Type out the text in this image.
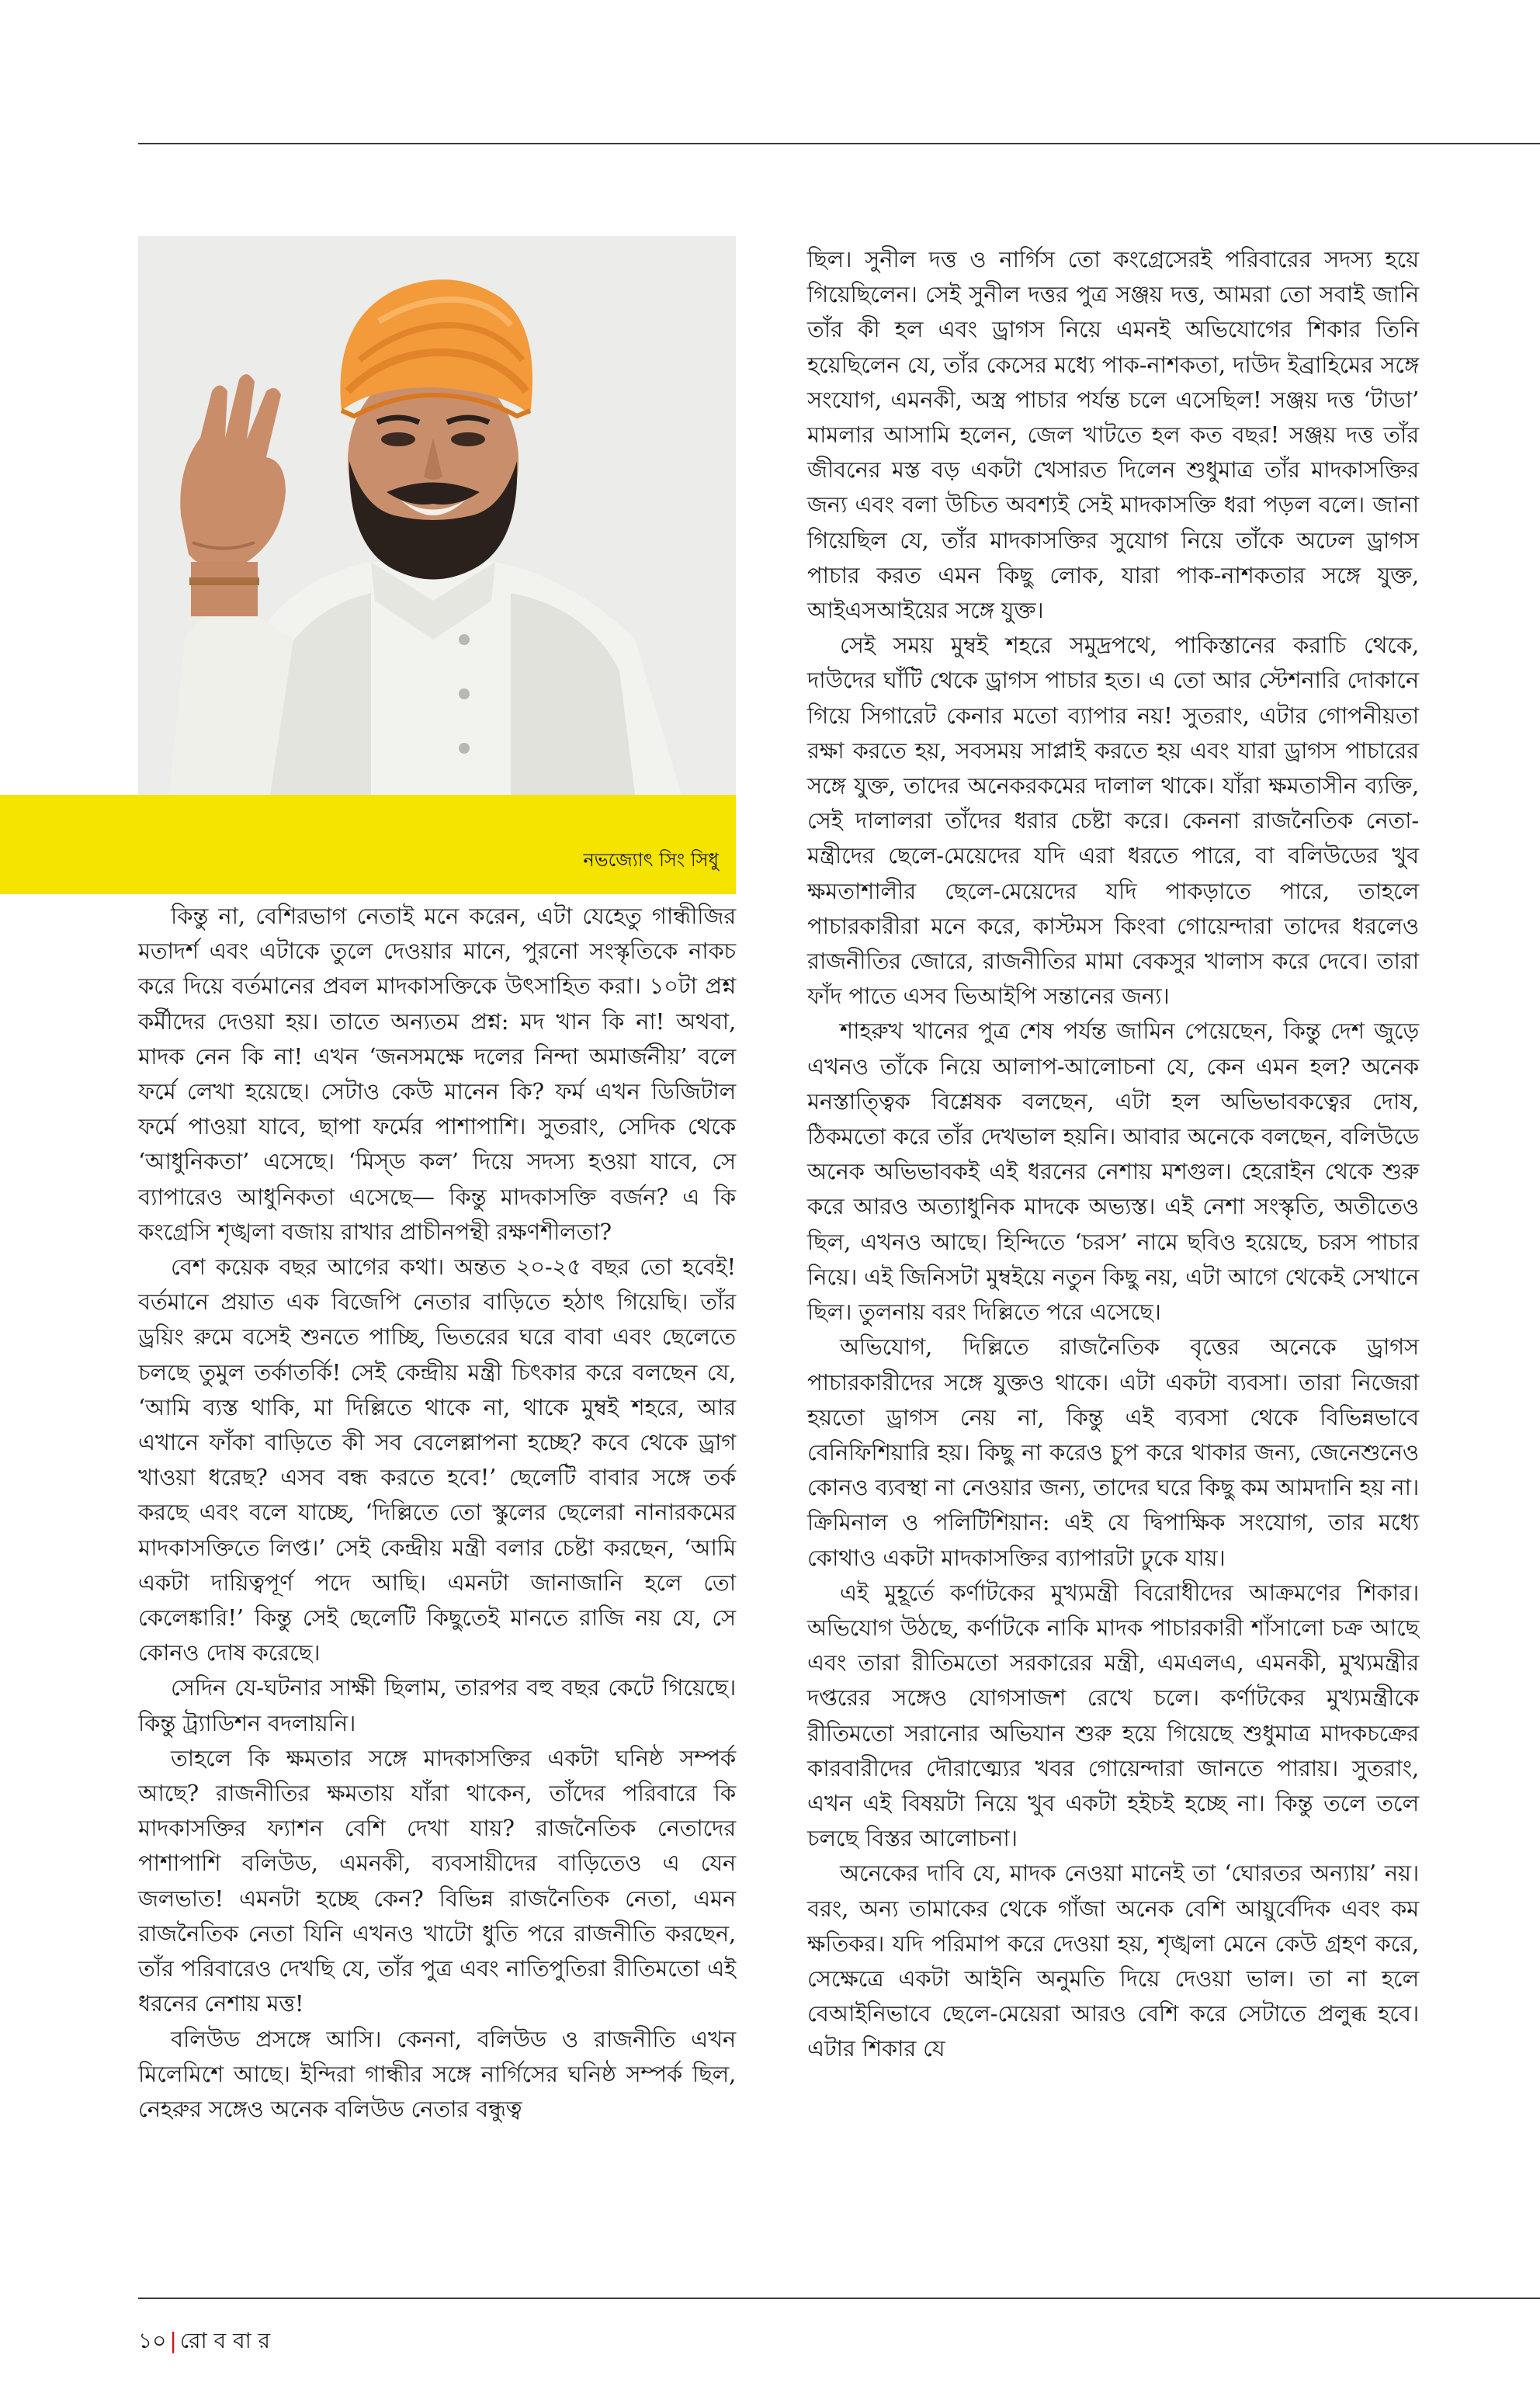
নভজ্যোৎ সিং সিধু

কিন্তু না, বেশিরভাগ নেতাই মনে করেন, এটা যেহেতু গান্ধীজির মতাদর্শ এবং এটাকে তুলে দেওয়ার মানে, পুরনো সংস্কৃতিকে নাকচ করে দিয়ে বর্তমানের প্রবল মাদকাসক্তিকে উৎসাহিত করা। ১০টা প্রশ্ন কর্মীদের দেওয়া হয়। তাতে অন্যতম প্রশ্ন: মদ খান কি না! অথবা, মাদক নেন কি না! এখন ‘জনসমক্ষে দলের নিন্দা অমার্জনীয়’ বলে ফর্মে লেখা হয়েছে। সেটাও কেউ মানেন কি? ফর্ম এখন ডিজিটাল ফর্মে পাওয়া যাবে, ছাপা ফর্মের পাশাপাশি। সুতরাং, সেদিক থেকে ‘আধুনিকতা’ এসেছে। ‘মিস্ড কল’ দিয়ে সদস্য হওয়া যাবে, সে ব্যাপারেও আধুনিকতা এসেছে— কিন্তু মাদকাসক্তি বর্জন? এ কি কংগ্রেসি শৃঙ্খলা বজায় রাখার প্রাচীনপন্থী রক্ষণশীলতা?

বেশ কয়েক বছর আগের কথা। অন্তত ২০-২৫ বছর তো হবেই! বর্তমানে প্রয়াত এক বিজেপি নেতার বাড়িতে হঠাৎ গিয়েছি। তাঁর ড্রয়িং রুমে বসেই শুনতে পাচ্ছি, ভিতরের ঘরে বাবা এবং ছেলেতে চলছে তুমুল তর্কাতর্কি! সেই কেন্দ্রীয় মন্ত্রী চিৎকার করে বলছেন যে, ‘আমি ব্যস্ত থাকি, মা দিল্লিতে থাকে না, থাকে মুম্বই শহরে, আর এখানে ফাঁকা বাড়িতে কী সব বেলেল্লাপনা হচ্ছে? কবে থেকে ড্রাগ খাওয়া ধরেছ? এসব বন্ধ করতে হবে!’ ছেলেটি বাবার সঙ্গে তর্ক করছে এবং বলে যাচ্ছে, ‘দিল্লিতে তো স্কুলের ছেলেরা নানারকমের মাদকাসক্তিতে লিপ্ত।’ সেই কেন্দ্রীয় মন্ত্রী বলার চেষ্টা করছেন, ‘আমি একটা দায়িত্বপূর্ণ পদে আছি। এমনটা জানাজানি হলে তো কেলেঙ্কারি!’ কিন্তু সেই ছেলেটি কিছুতেই মানতে রাজি নয় যে, সে কোনও দোষ করেছে।

সেদিন যে-ঘটনার সাক্ষী ছিলাম, তারপর বহু বছর কেটে গিয়েছে। কিন্তু ট্র্যাডিশন বদলায়নি।

তাহলে কি ক্ষমতার সঙ্গে মাদকাসক্তির একটা ঘনিষ্ঠ সম্পর্ক আছে? রাজনীতির ক্ষমতায় যাঁরা থাকেন, তাঁদের পরিবারে কি মাদকাসক্তির ফ্যাশন বেশি দেখা যায়? রাজনৈতিক নেতাদের পাশাপাশি বলিউড, এমনকী, ব্যবসায়ীদের বাড়িতেও এ যেন জলভাত! এমনটা হচ্ছে কেন? বিভিন্ন রাজনৈতিক নেতা, এমন রাজনৈতিক নেতা যিনি এখনও খাটো ধুতি পরে রাজনীতি করছেন, তাঁর পরিবারেও দেখছি যে, তাঁর পুত্র এবং নাতিপুতিরা রীতিমতো এই ধরনের নেশায় মত্ত!

বলিউড প্রসঙ্গে আসি। কেননা, বলিউড ও রাজনীতি এখন মিলেমিশে আছে। ইন্দিরা গান্ধীর সঙ্গে নার্গিসের ঘনিষ্ঠ সম্পর্ক ছিল, নেহরুর সঙ্গেও অনেক বলিউড নেতার বন্ধুত্ব

ছিল। সুনীল দত্ত ও নার্গিস তো কংগ্রেসেরই পরিবারের সদস্য হয়ে গিয়েছিলেন। সেই সুনীল দত্তর পুত্র সঞ্জয় দত্ত, আমরা তো সবাই জানি তাঁর কী হল এবং ড্রাগস নিয়ে এমনই অভিযোগের শিকার তিনি হয়েছিলেন যে, তাঁর কেসের মধ্যে পাক-নাশকতা, দাউদ ইব্রাহিমের সঙ্গে সংযোগ, এমনকী, অস্ত্র পাচার পর্যন্ত চলে এসেছিল! সঞ্জয় দত্ত ‘টাডা’ মামলার আসামি হলেন, জেল খাটতে হল কত বছর! সঞ্জয় দত্ত তাঁর জীবনের মস্ত বড় একটা খেসারত দিলেন শুধুমাত্র তাঁর মাদকাসক্তির জন্য এবং বলা উচিত অবশ্যই সেই মাদকাসক্তি ধরা পড়ল বলে। জানা গিয়েছিল যে, তাঁর মাদকাসক্তির সুযোগ নিয়ে তাঁকে অঢেল ড্রাগস পাচার করত এমন কিছু লোক, যারা পাক-নাশকতার সঙ্গে যুক্ত, আইএসআইয়ের সঙ্গে যুক্ত।

সেই সময় মুম্বই শহরে সমুদ্রপথে, পাকিস্তানের করাচি থেকে, দাউদের ঘাঁটি থেকে ড্রাগস পাচার হত। এ তো আর স্টেশনারি দোকানে গিয়ে সিগারেট কেনার মতো ব্যাপার নয়! সুতরাং, এটার গোপনীয়তা রক্ষা করতে হয়, সবসময় সাপ্লাই করতে হয় এবং যারা ড্রাগস পাচারের সঙ্গে যুক্ত, তাদের অনেকরকমের দালাল থাকে। যাঁরা ক্ষমতাসীন ব্যক্তি, সেই দালালরা তাঁদের ধরার চেষ্টা করে। কেননা রাজনৈতিক নেতা-মন্ত্রীদের ছেলে-মেয়েদের যদি এরা ধরতে পারে, বা বলিউডের খুব ক্ষমতাশালীর ছেলে-মেয়েদের যদি পাকড়াতে পারে, তাহলে পাচারকারীরা মনে করে, কাস্টমস কিংবা গোয়েন্দারা তাদের ধরলেও রাজনীতির জোরে, রাজনীতির মামা বেকসুর খালাস করে দেবে। তারা ফাঁদ পাতে এসব ভিআইপি সন্তানের জন্য।

শাহরুখ খানের পুত্র শেষ পর্যন্ত জামিন পেয়েছেন, কিন্তু দেশ জুড়ে এখনও তাঁকে নিয়ে আলাপ-আলোচনা যে, কেন এমন হল? অনেক মনস্তাত্ত্বিক বিশ্লেষক বলছেন, এটা হল অভিভাবকত্বের দোষ, ঠিকমতো করে তাঁর দেখভাল হয়নি। আবার অনেকে বলছেন, বলিউডে অনেক অভিভাবকই এই ধরনের নেশায় মশগুল। হেরোইন থেকে শুরু করে আরও অত্যাধুনিক মাদকে অভ্যস্ত। এই নেশা সংস্কৃতি, অতীতেও ছিল, এখনও আছে। হিন্দিতে ‘চরস’ নামে ছবিও হয়েছে, চরস পাচার নিয়ে। এই জিনিসটা মুম্বইয়ে নতুন কিছু নয়, এটা আগে থেকেই সেখানে ছিল। তুলনায় বরং দিল্লিতে পরে এসেছে।

অভিযোগ, দিল্লিতে রাজনৈতিক বৃত্তের অনেকে ড্রাগস পাচারকারীদের সঙ্গে যুক্তও থাকে। এটা একটা ব্যবসা। তারা নিজেরা হয়তো ড্রাগস নেয় না, কিন্তু এই ব্যবসা থেকে বিভিন্নভাবে বেনিফিশিয়ারি হয়। কিছু না করেও চুপ করে থাকার জন্য, জেনেশুনেও কোনও ব্যবস্থা না নেওয়ার জন্য, তাদের ঘরে কিছু কম আমদানি হয় না। ক্রিমিনাল ও পলিটিশিয়ান: এই যে দ্বিপাক্ষিক সংযোগ, তার মধ্যে কোথাও একটা মাদকাসক্তির ব্যাপারটা ঢুকে যায়।

এই মুহূর্তে কর্ণাটকের মুখ্যমন্ত্রী বিরোধীদের আক্রমণের শিকার। অভিযোগ উঠছে, কর্ণাটকে নাকি মাদক পাচারকারী শাঁসালো চক্র আছে এবং তারা রীতিমতো সরকারের মন্ত্রী, এমএলএ, এমনকী, মুখ্যমন্ত্রীর দপ্তরের সঙ্গেও যোগসাজশ রেখে চলে। কর্ণাটকের মুখ্যমন্ত্রীকে রীতিমতো সরানোর অভিযান শুরু হয়ে গিয়েছে শুধুমাত্র মাদকচক্রের কারবারীদের দৌরাত্ম্যের খবর গোয়েন্দারা জানতে পারায়। সুতরাং, এখন এই বিষয়টা নিয়ে খুব একটা হইচই হচ্ছে না। কিন্তু তলে তলে চলছে বিস্তর আলোচনা।

অনেকের দাবি যে, মাদক নেওয়া মানেই তা ‘ঘোরতর অন্যায়’ নয়। বরং, অন্য তামাকের থেকে গাঁজা অনেক বেশি আয়ুর্বেদিক এবং কম ক্ষতিকর। যদি পরিমাপ করে দেওয়া হয়, শৃঙ্খলা মেনে কেউ গ্রহণ করে, সেক্ষেত্রে একটা আইনি অনুমতি দিয়ে দেওয়া ভাল। তা না হলে বেআইনিভাবে ছেলে-মেয়েরা আরও বেশি করে সেটাতে প্রলুব্ধ হবে। এটার শিকার যে

১০ | রো ব বা র
